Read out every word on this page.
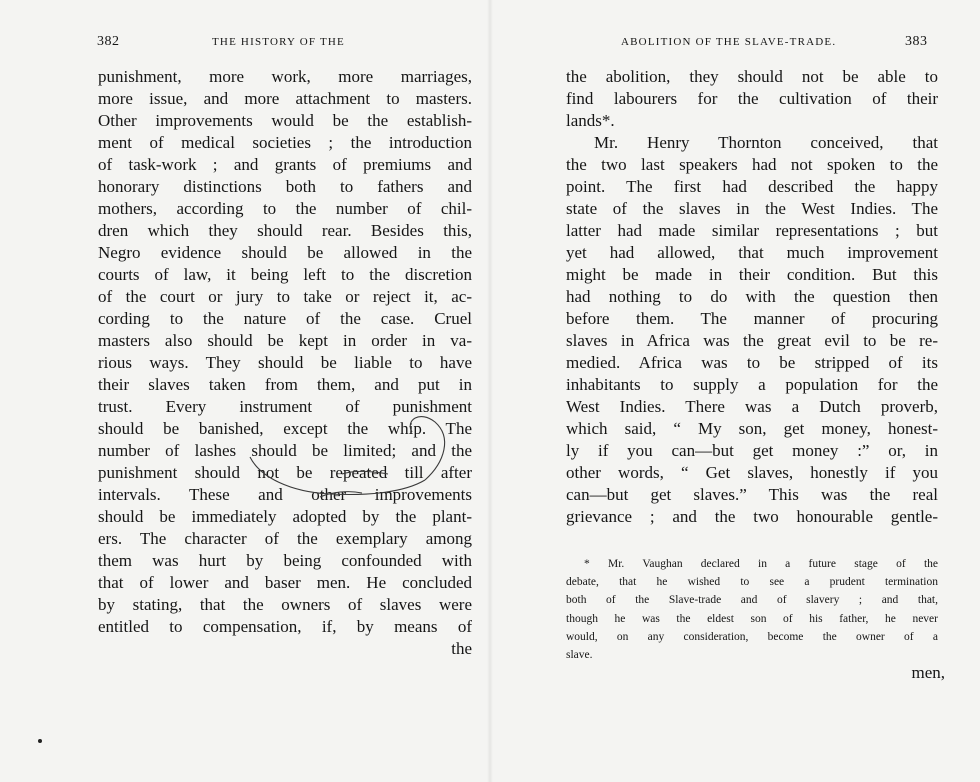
382	THE HISTORY OF THE
punishment, more work, more marriages,
more issue, and more attachment to masters.
Other improvements would be the establish-
ment of medical societies ; the introduction
of task-work ; and grants of premiums and
honorary distinctions both to fathers and
mothers, according to the number of chil-
dren which they should rear. Besides this,
Negro evidence should be allowed in the
courts of law, it being left to the discretion
of the court or jury to take or reject it, ac-
cording to the nature of the case. Cruel
masters also should be kept in order in va-
rious ways. They should be liable to have
their slaves taken from them, and put in
trust. Every instrument of punishment
should be banished, except the whip. The
number of lashes should be limited; and the
punishment should not be repeated till after
intervals. These and other improvements
should be immediately adopted by the plant-
ers. The character of the exemplary among
them was hurt by being confounded with
that of lower and baser men. He concluded
by stating, that the owners of slaves were
entitled to compensation, if, by means of
the
ABOLITION OF THE SLAVE-TRADE.	383
the abolition, they should not be able to
find labourers for the cultivation of their
lands*.
Mr. Henry Thornton conceived, that
the two last speakers had not spoken to the
point. The first had described the happy
state of the slaves in the West Indies. The
latter had made similar representations ; but
yet had allowed, that much improvement
might be made in their condition. But this
had nothing to do with the question then
before them. The manner of procuring
slaves in Africa was the great evil to be re-
medied. Africa was to be stripped of its
inhabitants to supply a population for the
West Indies. There was a Dutch proverb,
which said, “ My son, get money, honest-
ly if you can—but get money :” or, in
other words, “ Get slaves, honestly if you
can—but get slaves.” This was the real
grievance ; and the two honourable gentle-
* Mr. Vaughan declared in a future stage of the
debate, that he wished to see a prudent termination
both of the Slave-trade and of slavery ; and that,
though he was the eldest son of his father, he never
would, on any consideration, become the owner of a
slave.
men,
